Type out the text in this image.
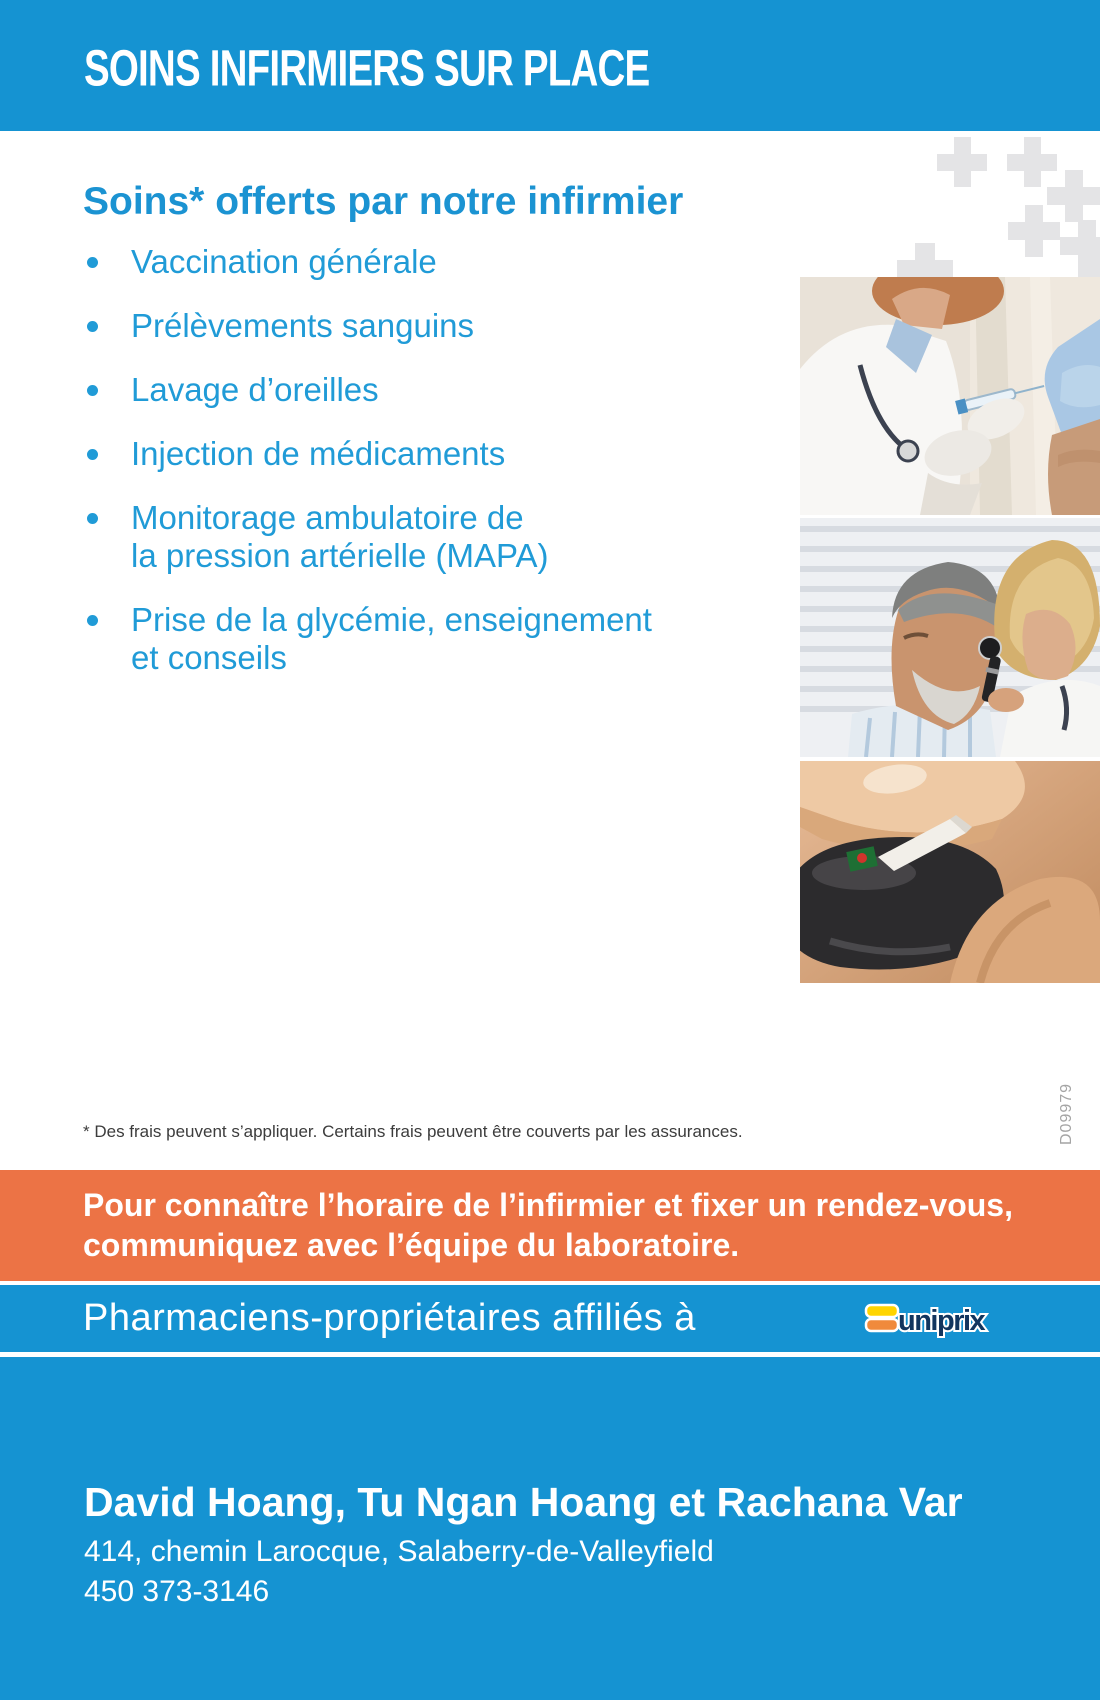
SOINS INFIRMIERS SUR PLACE
Soins* offerts par notre infirmier
Vaccination générale
Prélèvements sanguins
Lavage d’oreilles
Injection de médicaments
Monitorage ambulatoire de
la pression artérielle (MAPA)
Prise de la glycémie, enseignement
et conseils

* Des frais peuvent s’appliquer. Certains frais peuvent être couverts par les assurances.	D09979

Pour connaître l’horaire de l’infirmier et fixer un rendez-vous,

communiquez avec l’équipe du laboratoire.

Pharmaciens-propriétaires affiliés à	uniprix

David Hoang, Tu Ngan Hoang et Rachana Var

414, chemin Larocque, Salaberry-de-Valleyfield

450 373-3146
